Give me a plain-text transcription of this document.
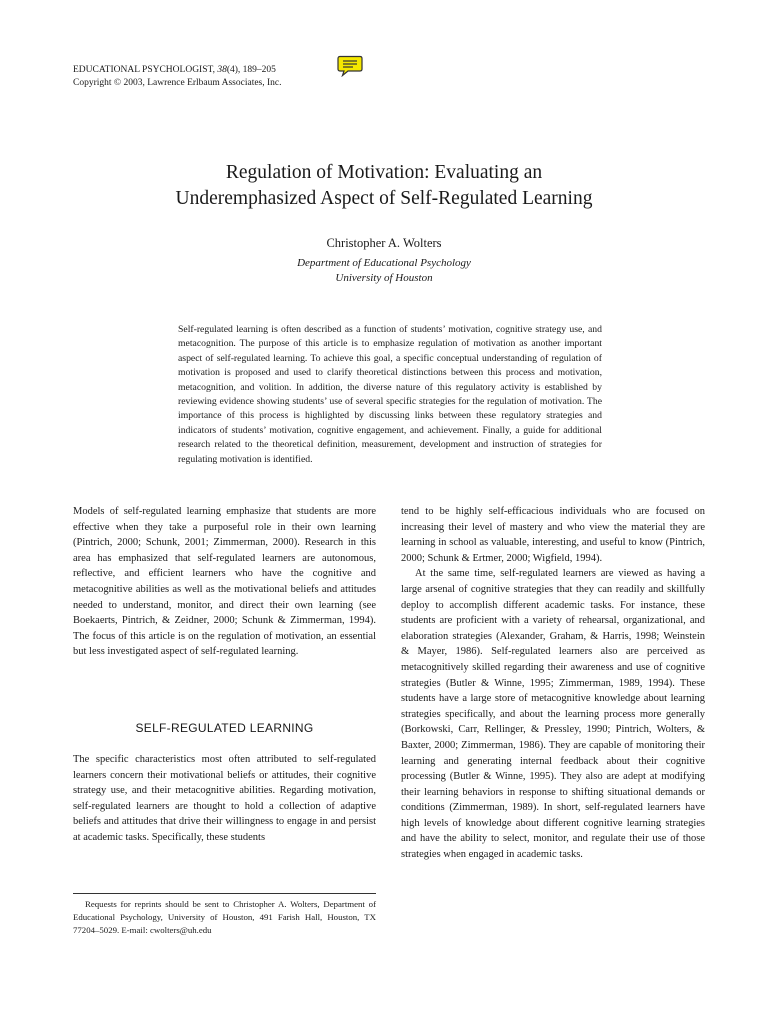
EDUCATIONAL PSYCHOLOGIST, 38(4), 189–205
Copyright © 2003, Lawrence Erlbaum Associates, Inc.
Regulation of Motivation: Evaluating an
Underemphasized Aspect of Self-Regulated Learning
Christopher A. Wolters
Department of Educational Psychology
University of Houston
Self-regulated learning is often described as a function of students’ motivation, cognitive strategy use, and metacognition. The purpose of this article is to emphasize regulation of motivation as another important aspect of self-regulated learning. To achieve this goal, a specific conceptual understanding of regulation of motivation is proposed and used to clarify theoretical distinctions between this process and motivation, metacognition, and volition. In addition, the diverse nature of this regulatory activity is established by reviewing evidence showing students’ use of several specific strategies for the regulation of motivation. The importance of this process is highlighted by discussing links between these regulatory strategies and indicators of students’ motivation, cognitive engagement, and achievement. Finally, a guide for additional research related to the theoretical definition, measurement, development and instruction of strategies for regulating motivation is identified.

Models of self-regulated learning emphasize that students are more effective when they take a purposeful role in their own learning (Pintrich, 2000; Schunk, 2001; Zimmerman, 2000). Research in this area has emphasized that self-regulated learners are autonomous, reflective, and efficient learners who have the cognitive and metacognitive abilities as well as the motivational beliefs and attitudes needed to understand, monitor, and direct their own learning (see Boekaerts, Pintrich, & Zeidner, 2000; Schunk & Zimmerman, 1994). The focus of this article is on the regulation of motivation, an essential but less investigated aspect of self-regulated learning.

SELF-REGULATED LEARNING

The specific characteristics most often attributed to self-regulated learners concern their motivational beliefs or attitudes, their cognitive strategy use, and their metacognitive abilities. Regarding motivation, self-regulated learners are thought to hold a collection of adaptive beliefs and attitudes that drive their willingness to engage in and persist at academic tasks. Specifically, these students

tend to be highly self-efficacious individuals who are focused on increasing their level of mastery and who view the material they are learning in school as valuable, interesting, and useful to know (Pintrich, 2000; Schunk & Ertmer, 2000; Wigfield, 1994).

At the same time, self-regulated learners are viewed as having a large arsenal of cognitive strategies that they can readily and skillfully deploy to accomplish different academic tasks. For instance, these students are proficient with a variety of rehearsal, organizational, and elaboration strategies (Alexander, Graham, & Harris, 1998; Weinstein & Mayer, 1986). Self-regulated learners also are perceived as metacognitively skilled regarding their awareness and use of cognitive strategies (Butler & Winne, 1995; Zimmerman, 1989, 1994). These students have a large store of metacognitive knowledge about learning strategies specifically, and about the learning process more generally (Borkowski, Carr, Rellinger, & Pressley, 1990; Pintrich, Wolters, & Baxter, 2000; Zimmerman, 1986). They are capable of monitoring their learning and generating internal feedback about their cognitive processing (Butler & Winne, 1995). They also are adept at modifying their learning behaviors in response to shifting situational demands or conditions (Zimmerman, 1989). In short, self-regulated learners have high levels of knowledge about different cognitive learning strategies and have the ability to select, monitor, and regulate their use of those strategies when engaged in academic tasks.

Requests for reprints should be sent to Christopher A. Wolters, Department of Educational Psychology, University of Houston, 491 Farish Hall, Houston, TX 77204–5029. E-mail: cwolters@uh.edu
